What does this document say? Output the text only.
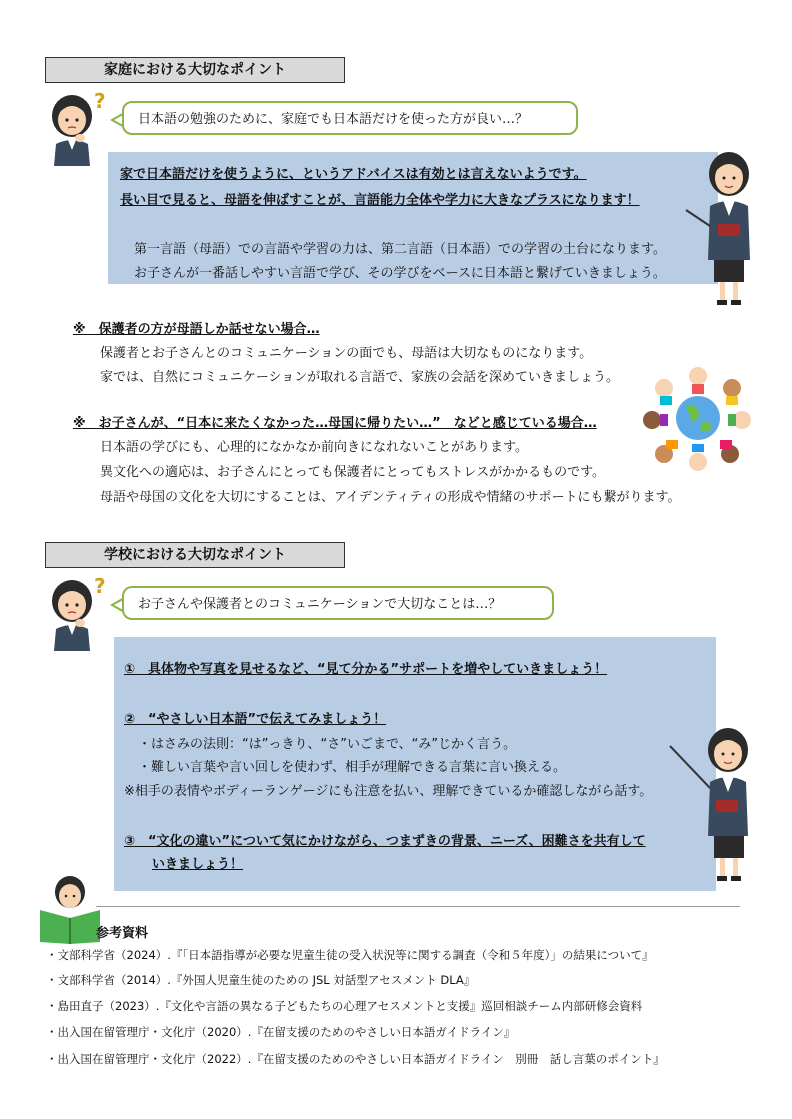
家庭における大切なポイント
?
日本語の勉強のために、家庭でも日本語だけを使った方が良い…？
家で日本語だけを使うように、というアドバイスは有効とは言えないようです。
長い目で見ると、母語を伸ばすことが、言語能力全体や学力に大きなプラスになります！
第一言語（母語）での言語や学習の力は、第二言語（日本語）での学習の土台になります。
お子さんが一番話しやすい言語で学び、その学びをベースに日本語と繋げていきましょう。
※　保護者の方が母語しか話せない場合…
保護者とお子さんとのコミュニケーションの面でも、母語は大切なものになります。
家では、自然にコミュニケーションが取れる言語で、家族の会話を深めていきましょう。
※　お子さんが、“日本に来たくなかった…母国に帰りたい…”　などと感じている場合…
日本語の学びにも、心理的になかなか前向きになれないことがあります。
異文化への適応は、お子さんにとっても保護者にとってもストレスがかかるものです。
母語や母国の文化を大切にすることは、アイデンティティの形成や情緒のサポートにも繋がります。
学校における大切なポイント
?
お子さんや保護者とのコミュニケーションで大切なことは…？
①　具体物や写真を見せるなど、“見て分かる”サポートを増やしていきましょう！
②　“やさしい日本語”で伝えてみましょう！
・はさみの法則：“は”っきり、“さ”いごまで、“み”じかく言う。
・難しい言葉や言い回しを使わず、相手が理解できる言葉に言い換える。
※相手の表情やボディーランゲージにも注意を払い、理解できているか確認しながら話す。
③　“文化の違い”について気にかけながら、つまずきの背景、ニーズ、困難さを共有して
いきましょう！
参考資料
・文部科学省（2024）.『「日本語指導が必要な児童生徒の受入状況等に関する調査（令和５年度）」の結果について』
・文部科学省（2014）.『外国人児童生徒のための JSL 対話型アセスメント DLA』
・島田直子（2023）.『文化や言語の異なる子どもたちの心理アセスメントと支援』巡回相談チーム内部研修会資料
・出入国在留管理庁・文化庁（2020）.『在留支援のためのやさしい日本語ガイドライン』
・出入国在留管理庁・文化庁（2022）.『在留支援のためのやさしい日本語ガイドライン　別冊　話し言葉のポイント』
